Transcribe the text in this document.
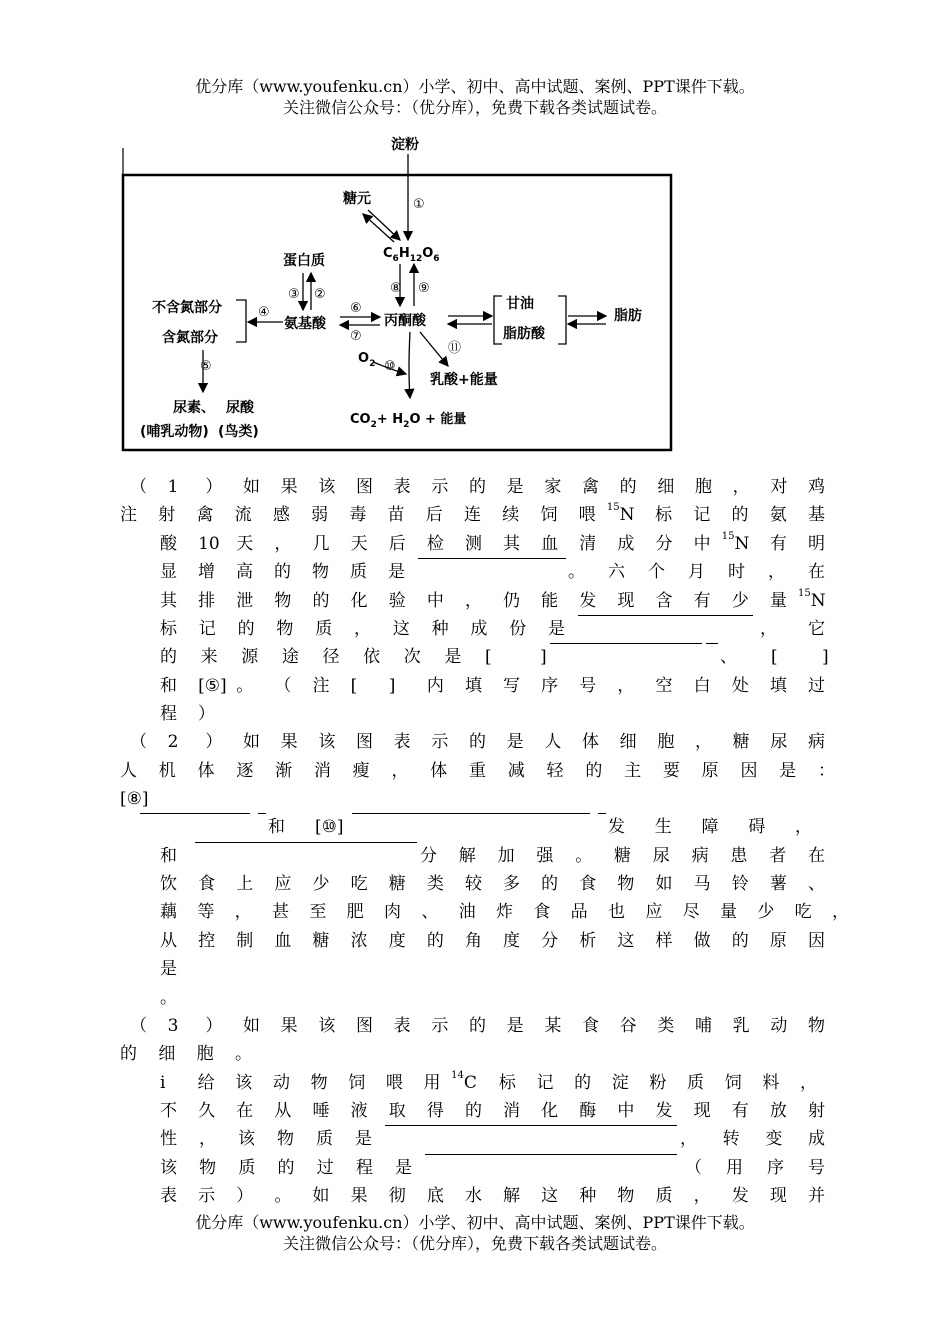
优分库（www.youfenku.cn）小学、初中、高中试题、案例、PPT课件下载。
关注微信公众号：（优分库），免费下载各类试题试卷。
淀粉
糖元
$C_6H_{12}O_6$
蛋白质
氨基酸	丙酮酸
甘油
脂肪酸
脂肪
不含氮部分
含氮部分
尿素、 尿酸
(哺乳动物) (鸟类)
$O_2$
乳酸+能量
$CO_2+ H_2O$ + 能量
①
②
③
④
⑤
⑥
⑦
⑧ ⑨
⑩
⑪
（ 1 ） 如 果 该 图 表 示 的 是 家 禽 的 细 胞 ， 对 鸡
注 射 禽 流 感 弱 毒 苗 后 连 续 饲 喂 15N 标 记 的 氨 基
酸 10 天 ， 几 天 后 检 测 其 血 清 成 分 中 15N 有 明
显 增 高 的 物 质 是	。 六 个 月 时 ， 在
其 排 泄 物 的 化 验 中 ， 仍 能 发 现 含 有 少 量 15N
标 记 的 物 质 ， 这 种 成 份 是	， 它
的 来 源 途 径 依 次 是 [	]	、 [	]
和 [⑤] 。 （ 注 [ ] 内 填 写 序 号 ， 空 白 处 填 过
程 ）
（ 2 ） 如 果 该 图 表 示 的 是 人 体 细 胞 ， 糖 尿 病
人 机 体 逐 渐 消 瘦 ， 体 重 减 轻 的 主 要 原 因 是 ：
[⑧]
和 [⑩]	发 生 障 碍 ，
和	分 解 加 强 。 糖 尿 病 患 者 在
饮 食 上 应 少 吃 糖 类 较 多 的 食 物 如 马 铃 薯 、
藕 等 ， 甚 至 肥 肉 、 油 炸 食 品 也 应 尽 量 少 吃 ，
从 控 制 血 糖 浓 度 的 角 度 分 析 这 样 做 的 原 因
是
。
（ 3 ） 如 果 该 图 表 示 的 是 某 食 谷 类 哺 乳 动 物
的 细 胞 。
i 给 该 动 物 饲 喂 用 14C 标 记 的 淀 粉 质 饲 料 ，
不 久 在 从 唾 液 取 得 的 消 化 酶 中 发 现 有 放 射
性 ， 该 物 质 是	， 转 变 成
该 物 质 的 过 程 是	（ 用 序 号
表 示 ） 。 如 果 彻 底 水 解 这 种 物 质 ， 发 现 并
优分库（www.youfenku.cn）小学、初中、高中试题、案例、PPT课件下载。
关注微信公众号：（优分库），免费下载各类试题试卷。
